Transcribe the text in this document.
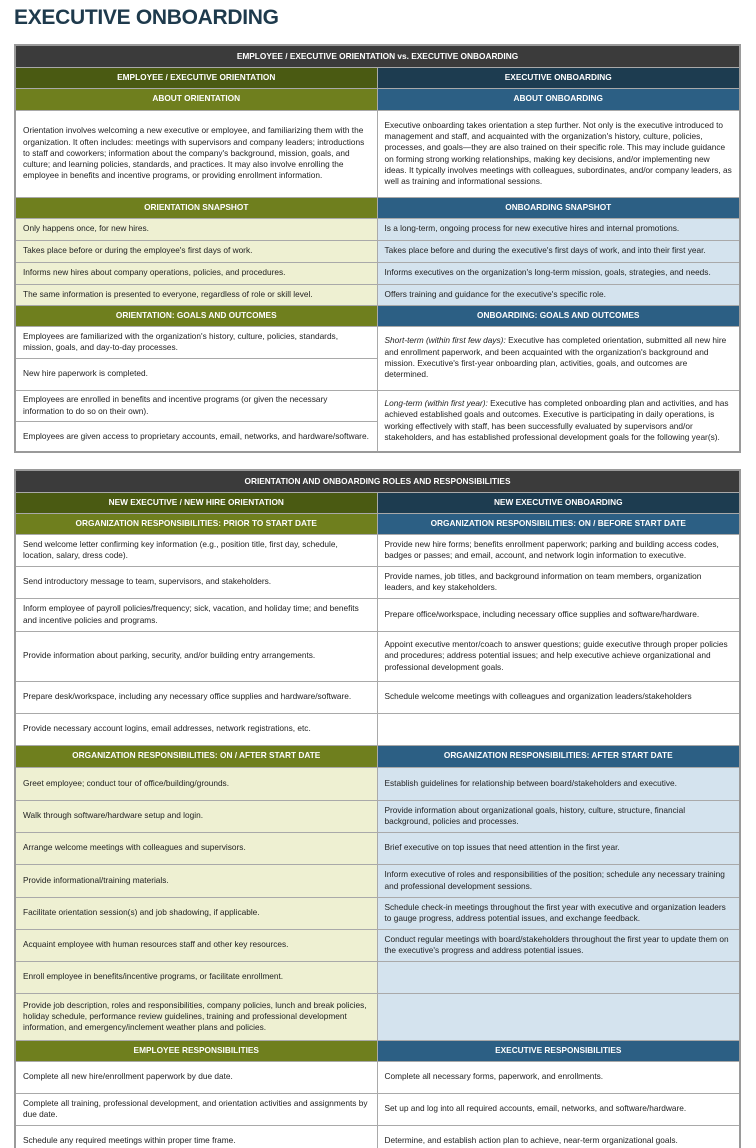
EXECUTIVE ONBOARDING
EMPLOYEE / EXECUTIVE ORIENTATION vs. EXECUTIVE ONBOARDING	
EMPLOYEE / EXECUTIVE ORIENTATION	EXECUTIVE ONBOARDING
ABOUT ORIENTATION	ABOUT ONBOARDING
Orientation involves welcoming a new executive or employee, and familiarizing them with the organization. It often includes: meetings with supervisors and company leaders; introductions to staff and coworkers; information about the company's background, mission, goals, and culture; and learning policies, standards, and practices. It may also involve enrolling the employee in benefits and incentive programs, or providing enrollment information.	Executive onboarding takes orientation a step further. Not only is the executive introduced to management and staff, and acquainted with the organization's history, culture, policies, processes, and goals—they are also trained on their specific role. This may include guidance on forming strong working relationships, making key decisions, and/or implementing new ideas. It typically involves meetings with colleagues, subordinates, and/or company leaders, as well as training and informational sessions.
ORIENTATION SNAPSHOT	ONBOARDING SNAPSHOT
Only happens once, for new hires.	Is a long-term, ongoing process for new executive hires and internal promotions.
Takes place before or during the employee's first days of work.	Takes place before and during the executive's first days of work, and into their first year.
Informs new hires about company operations, policies, and procedures.	Informs executives on the organization's long-term mission, goals, strategies, and needs.
The same information is presented to everyone, regardless of role or skill level.	Offers training and guidance for the executive's specific role.
ORIENTATION: GOALS AND OUTCOMES	ONBOARDING: GOALS AND OUTCOMES
Employees are familiarized with the organization's history, culture, policies, standards, mission, goals, and day-to-day processes.	Short-term (within first few days): Executive has completed orientation, submitted all new hire and enrollment paperwork, and been acquainted with the organization's background and mission. Executive's first-year onboarding plan, activities, goals, and outcomes are determined.
New hire paperwork is completed.	
Employees are enrolled in benefits and incentive programs (or given the necessary information to do so on their own).	Long-term (within first year): Executive has completed onboarding plan and activities, and has achieved established goals and outcomes. Executive is participating in daily operations, is working effectively with staff, has been successfully evaluated by supervisors and/or stakeholders, and has established professional development goals for the following year(s).
Employees are given access to proprietary accounts, email, networks, and hardware/software.	
ORIENTATION AND ONBOARDING ROLES AND RESPONSIBILITIES	
NEW EXECUTIVE / NEW HIRE ORIENTATION	NEW EXECUTIVE ONBOARDING
ORGANIZATION RESPONSIBILITIES: PRIOR TO START DATE	ORGANIZATION RESPONSIBILITIES: ON / BEFORE START DATE
Send welcome letter confirming key information (e.g., position title, first day, schedule, location, salary, dress code).	Provide new hire forms; benefits enrollment paperwork; parking and building access codes, badges or passes; and email, account, and network login information to executive.
Send introductory message to team, supervisors, and stakeholders.	Provide names, job titles, and background information on team members, organization leaders, and key stakeholders.
Inform employee of payroll policies/frequency; sick, vacation, and holiday time; and benefits and incentive policies and programs.	Prepare office/workspace, including necessary office supplies and software/hardware.
Provide information about parking, security, and/or building entry arrangements.	Appoint executive mentor/coach to answer questions; guide executive through proper policies and procedures; address potential issues; and help executive achieve organizational and professional development goals.
Prepare desk/workspace, including any necessary office supplies and hardware/software.	Schedule welcome meetings with colleagues and organization leaders/stakeholders
Provide necessary account logins, email addresses, network registrations, etc.	
ORGANIZATION RESPONSIBILITIES: ON / AFTER START DATE	ORGANIZATION RESPONSIBILITIES: AFTER START DATE
Greet employee; conduct tour of office/building/grounds.	Establish guidelines for relationship between board/stakeholders and executive.
Walk through software/hardware setup and login.	Provide information about organizational goals, history, culture, structure, financial background, policies and processes.
Arrange welcome meetings with colleagues and supervisors.	Brief executive on top issues that need attention in the first year.
Provide informational/training materials.	Inform executive of roles and responsibilities of the position; schedule any necessary training and professional development sessions.
Facilitate orientation session(s) and job shadowing, if applicable.	Schedule check-in meetings throughout the first year with executive and organization leaders to gauge progress, address potential issues, and exchange feedback.
Acquaint employee with human resources staff and other key resources.	Conduct regular meetings with board/stakeholders throughout the first year to update them on the executive's progress and address potential issues.
Enroll employee in benefits/incentive programs, or facilitate enrollment.	
Provide job description, roles and responsibilities, company policies, lunch and break policies, holiday schedule, performance review guidelines, training and professional development information, and emergency/inclement weather plans and policies.	
EMPLOYEE RESPONSIBILITIES	EXECUTIVE RESPONSIBILITIES
Complete all new hire/enrollment paperwork by due date.	Complete all necessary forms, paperwork, and enrollments.
Complete all training, professional development, and orientation activities and assignments by due date.	Set up and log into all required accounts, email, networks, and software/hardware.
Schedule any required meetings within proper time frame.	Determine, and establish action plan to achieve, near-term organizational goals.
